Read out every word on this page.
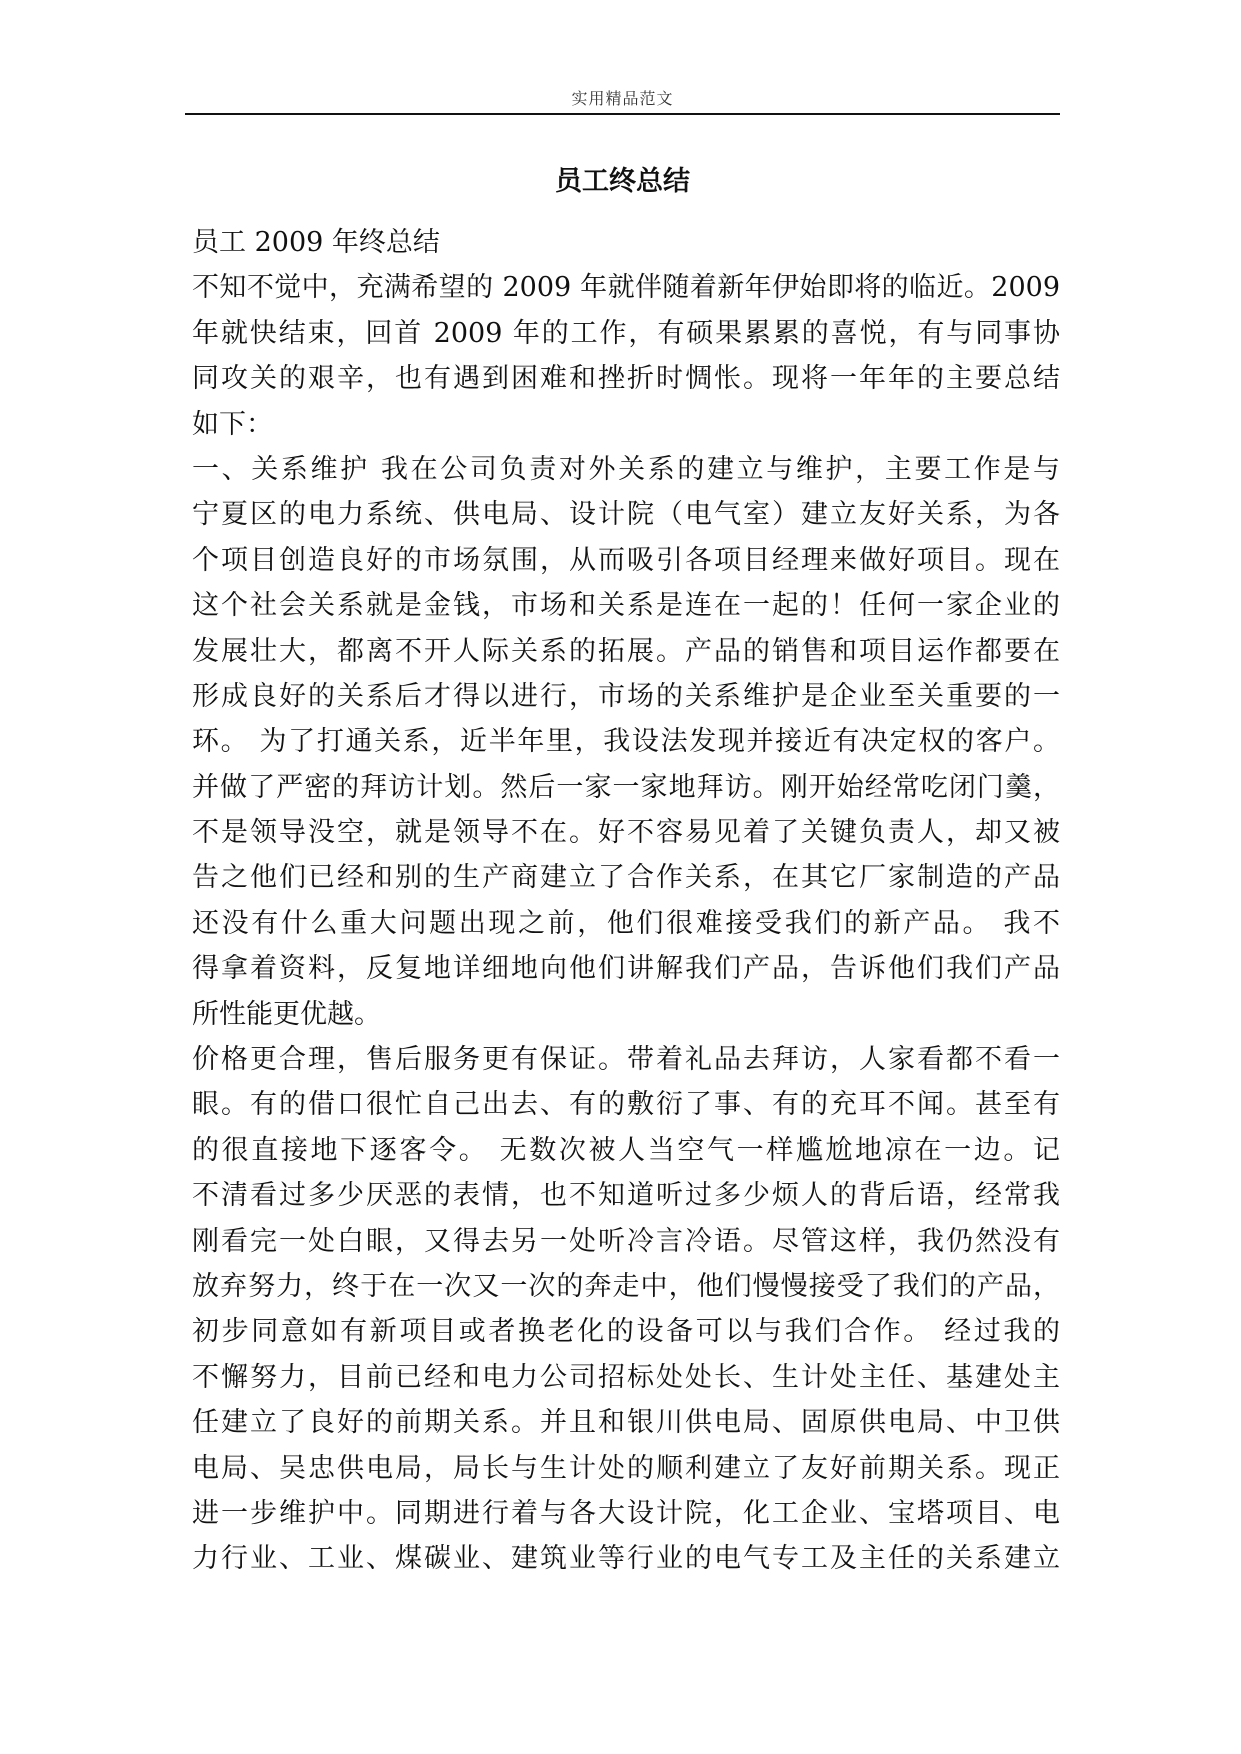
实用精品范文
员工终总结
员工 2009 年终总结
不知不觉中，充满希望的 2009 年就伴随着新年伊始即将的临近。2009
年就快结束，回首 2009 年的工作，有硕果累累的喜悦，有与同事协
同攻关的艰辛，也有遇到困难和挫折时惆怅。现将一年年的主要总结
如下：
一、关系维护 我在公司负责对外关系的建立与维护，主要工作是与
宁夏区的电力系统、供电局、设计院（电气室）建立友好关系，为各
个项目创造良好的市场氛围，从而吸引各项目经理来做好项目。现在
这个社会关系就是金钱，市场和关系是连在一起的！任何一家企业的
发展壮大，都离不开人际关系的拓展。产品的销售和项目运作都要在
形成良好的关系后才得以进行，市场的关系维护是企业至关重要的一
环。 为了打通关系，近半年里，我设法发现并接近有决定权的客户。
并做了严密的拜访计划。然后一家一家地拜访。刚开始经常吃闭门羹，
不是领导没空，就是领导不在。好不容易见着了关键负责人，却又被
告之他们已经和别的生产商建立了合作关系，在其它厂家制造的产品
还没有什么重大问题出现之前，他们很难接受我们的新产品。 我不
得拿着资料，反复地详细地向他们讲解我们产品，告诉他们我们产品
所性能更优越。
价格更合理，售后服务更有保证。带着礼品去拜访，人家看都不看一
眼。有的借口很忙自己出去、有的敷衍了事、有的充耳不闻。甚至有
的很直接地下逐客令。 无数次被人当空气一样尴尬地凉在一边。记
不清看过多少厌恶的表情，也不知道听过多少烦人的背后语，经常我
刚看完一处白眼，又得去另一处听冷言冷语。尽管这样，我仍然没有
放弃努力，终于在一次又一次的奔走中，他们慢慢接受了我们的产品，
初步同意如有新项目或者换老化的设备可以与我们合作。 经过我的
不懈努力，目前已经和电力公司招标处处长、生计处主任、基建处主
任建立了良好的前期关系。并且和银川供电局、固原供电局、中卫供
电局、吴忠供电局，局长与生计处的顺利建立了友好前期关系。现正
进一步维护中。同期进行着与各大设计院，化工企业、宝塔项目、电
力行业、工业、煤碳业、建筑业等行业的电气专工及主任的关系建立
